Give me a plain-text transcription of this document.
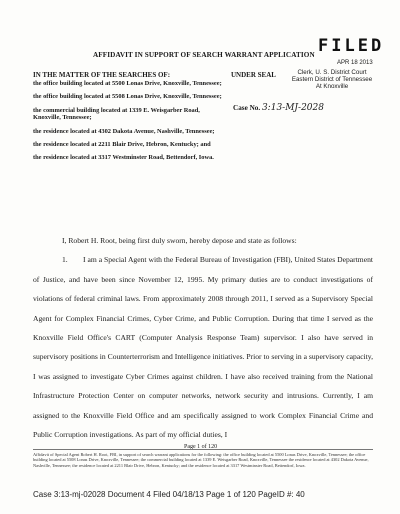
FILED
APR 18 2013
Clerk, U. S. District Court
Eastern District of Tennessee
At Knoxville
AFFIDAVIT IN SUPPORT OF SEARCH WARRANT APPLICATION
IN THE MATTER OF THE SEARCHES OF:	UNDER SEAL
Case No. 3:13-MJ-2028
the office building located at 5500 Lonas Drive, Knoxville, Tennessee;
the office building located at 5508 Lonas Drive, Knoxville, Tennessee;
the commercial building located at 1339 E. Weisgarber Road, Knoxville, Tennessee;
the residence located at 4302 Dakota Avenue, Nashville, Tennessee;
the residence located at 2211 Blair Drive, Hebron, Kentucky; and
the residence located at 3317 Westminster Road, Bettendorf, Iowa.

I, Robert H. Root, being first duly sworn, hereby depose and state as follows:

1. I am a Special Agent with the Federal Bureau of Investigation (FBI), United States Department of Justice, and have been since November 12, 1995. My primary duties are to conduct investigations of violations of federal criminal laws. From approximately 2008 through 2011, I served as a Supervisory Special Agent for Complex Financial Crimes, Cyber Crime, and Public Corruption. During that time I served as the Knoxville Field Office's CART (Computer Analysis Response Team) supervisor. I also have served in supervisory positions in Counterterrorism and Intelligence initiatives. Prior to serving in a supervisory capacity, I was assigned to investigate Cyber Crimes against children. I have also received training from the National Infrastructure Protection Center on computer networks, network security and intrusions. Currently, I am assigned to the Knoxville Field Office and am specifically assigned to work Complex Financial Crime and Public Corruption investigations. As part of my official duties, I

Page 1 of 120
Affidavit of Special Agent Robert H. Root, FBI, in support of search warrant applications for the following: the office building located at 5500 Lonas Drive, Knoxville, Tennessee; the office building located at 5508 Lonas Drive, Knoxville, Tennessee; the commercial building located at 1339 E. Weisgarber Road, Knoxville, Tennessee the residence located at 4302 Dakota Avenue, Nashville, Tennessee; the residence located at 2211 Blair Drive, Hebron, Kentucky; and the residence located at 3317 Westminster Road, Bettendorf, Iowa.
Case 3:13-mj-02028 Document 4 Filed 04/18/13 Page 1 of 120 PageID #: 40
